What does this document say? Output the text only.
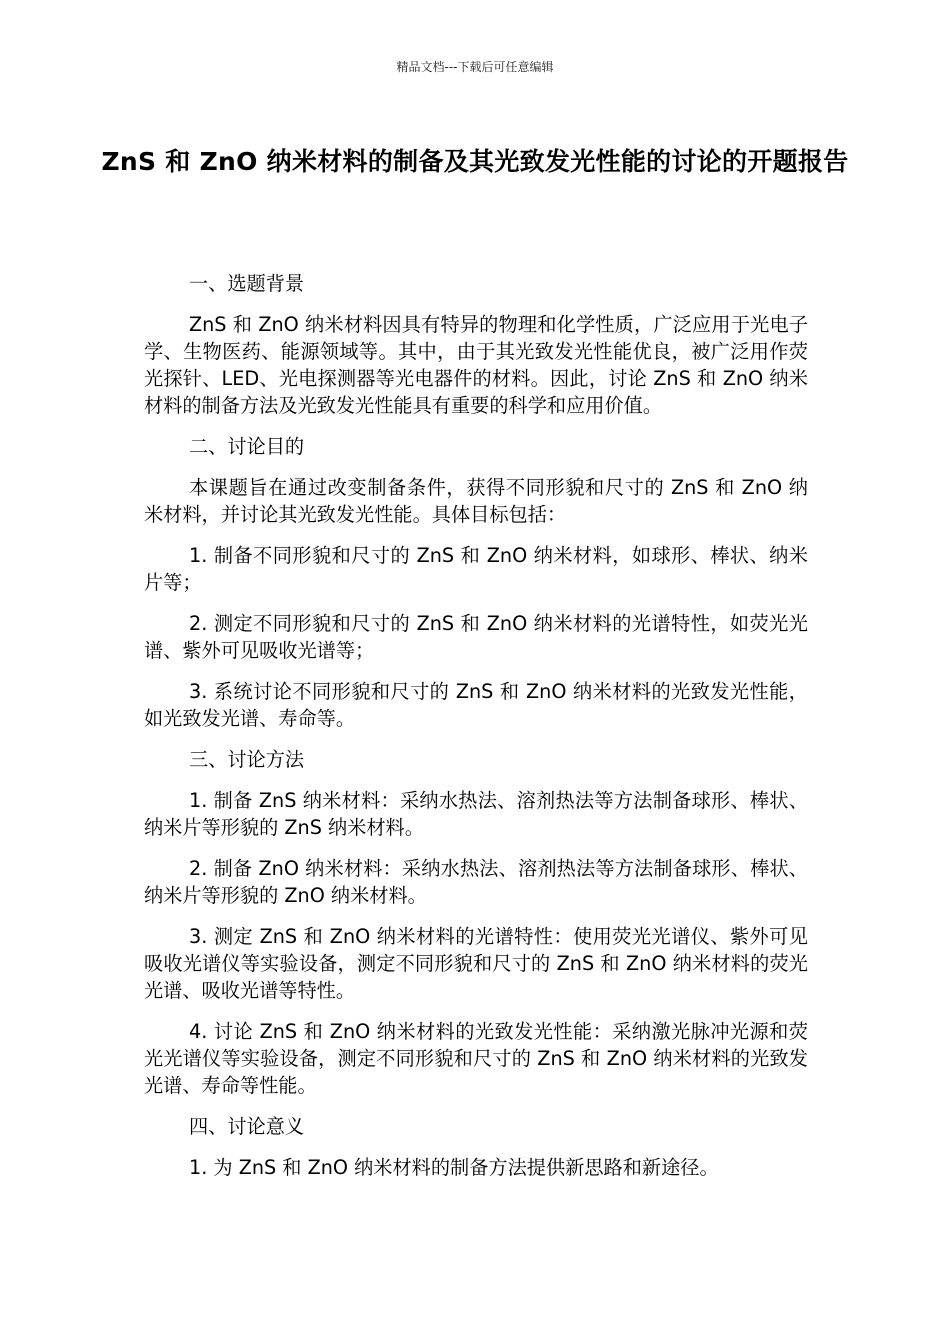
精品文档---下载后可任意编辑
ZnS 和 ZnO 纳米材料的制备及其光致发光性能的讨论的开题报告
一、选题背景

ZnS 和 ZnO 纳米材料因具有特异的物理和化学性质，广泛应用于光电子学、生物医药、能源领域等。其中，由于其光致发光性能优良，被广泛用作荧光探针、LED、光电探测器等光电器件的材料。因此，讨论 ZnS 和 ZnO 纳米材料的制备方法及光致发光性能具有重要的科学和应用价值。

二、讨论目的

本课题旨在通过改变制备条件，获得不同形貌和尺寸的 ZnS 和 ZnO 纳米材料，并讨论其光致发光性能。具体目标包括：

1. 制备不同形貌和尺寸的 ZnS 和 ZnO 纳米材料，如球形、棒状、纳米片等；

2. 测定不同形貌和尺寸的 ZnS 和 ZnO 纳米材料的光谱特性，如荧光光谱、紫外可见吸收光谱等；

3. 系统讨论不同形貌和尺寸的 ZnS 和 ZnO 纳米材料的光致发光性能，如光致发光谱、寿命等。

三、讨论方法

1. 制备 ZnS 纳米材料：采纳水热法、溶剂热法等方法制备球形、棒状、纳米片等形貌的 ZnS 纳米材料。

2. 制备 ZnO 纳米材料：采纳水热法、溶剂热法等方法制备球形、棒状、纳米片等形貌的 ZnO 纳米材料。

3. 测定 ZnS 和 ZnO 纳米材料的光谱特性：使用荧光光谱仪、紫外可见吸收光谱仪等实验设备，测定不同形貌和尺寸的 ZnS 和 ZnO 纳米材料的荧光光谱、吸收光谱等特性。

4. 讨论 ZnS 和 ZnO 纳米材料的光致发光性能：采纳激光脉冲光源和荧光光谱仪等实验设备，测定不同形貌和尺寸的 ZnS 和 ZnO 纳米材料的光致发光谱、寿命等性能。

四、讨论意义

1. 为 ZnS 和 ZnO 纳米材料的制备方法提供新思路和新途径。
